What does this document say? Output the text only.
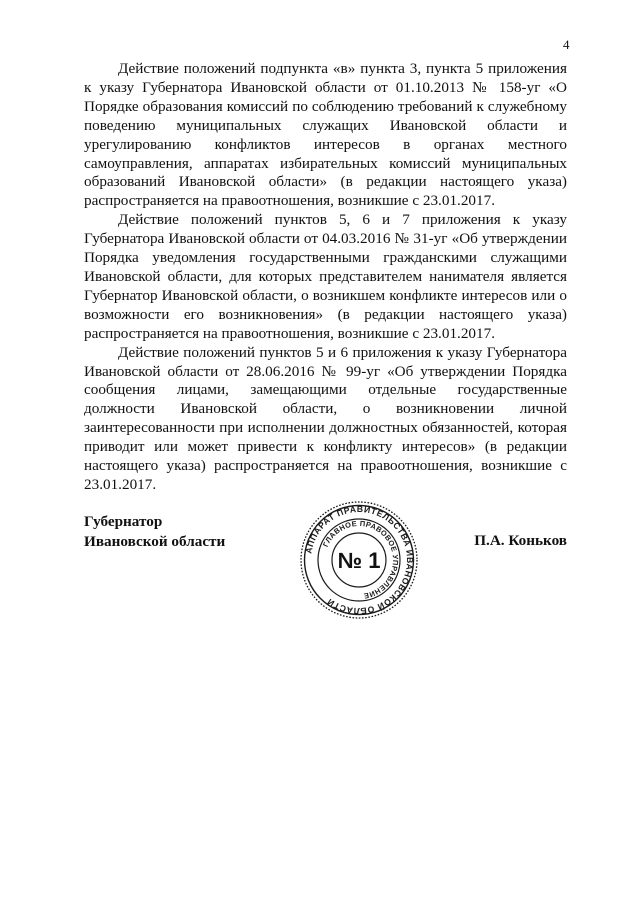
4

Действие положений подпункта «в» пункта 3, пункта 5 приложения к указу Губернатора Ивановской области от 01.10.2013 № 158-уг «О Порядке образования комиссий по соблюдению требований к служебному поведению муниципальных служащих Ивановской области и урегулированию конфликтов интересов в органах местного самоуправления, аппаратах избирательных комиссий муниципальных образований Ивановской области» (в редакции настоящего указа) распространяется на правоотношения, возникшие с 23.01.2017.

Действие положений пунктов 5, 6 и 7 приложения к указу Губернатора Ивановской области от 04.03.2016 № 31-уг «Об утверждении Порядка уведомления государственными гражданскими служащими Ивановской области, для которых представителем нанимателя является Губернатор Ивановской области, о возникшем конфликте интересов или о возможности его возникновения» (в редакции настоящего указа) распространяется на правоотношения, возникшие с 23.01.2017.

Действие положений пунктов 5 и 6 приложения к указу Губернатора Ивановской области от 28.06.2016 № 99-уг «Об утверждении Порядка сообщения лицами, замещающими отдельные государственные должности Ивановской области, о возникновении личной заинтересованности при исполнении должностных обязанностей, которая приводит или может привести к конфликту интересов» (в редакции настоящего указа) распространяется на правоотношения, возникшие с 23.01.2017.

Губернатор
Ивановской области
АППАРАТ ПРАВИТЕЛЬСТВА ИВАНОВСКОЙ ОБЛАСТИ
ГЛАВНОЕ ПРАВОВОЕ УПРАВЛЕНИЕ
№ 1
П.А. Коньков
